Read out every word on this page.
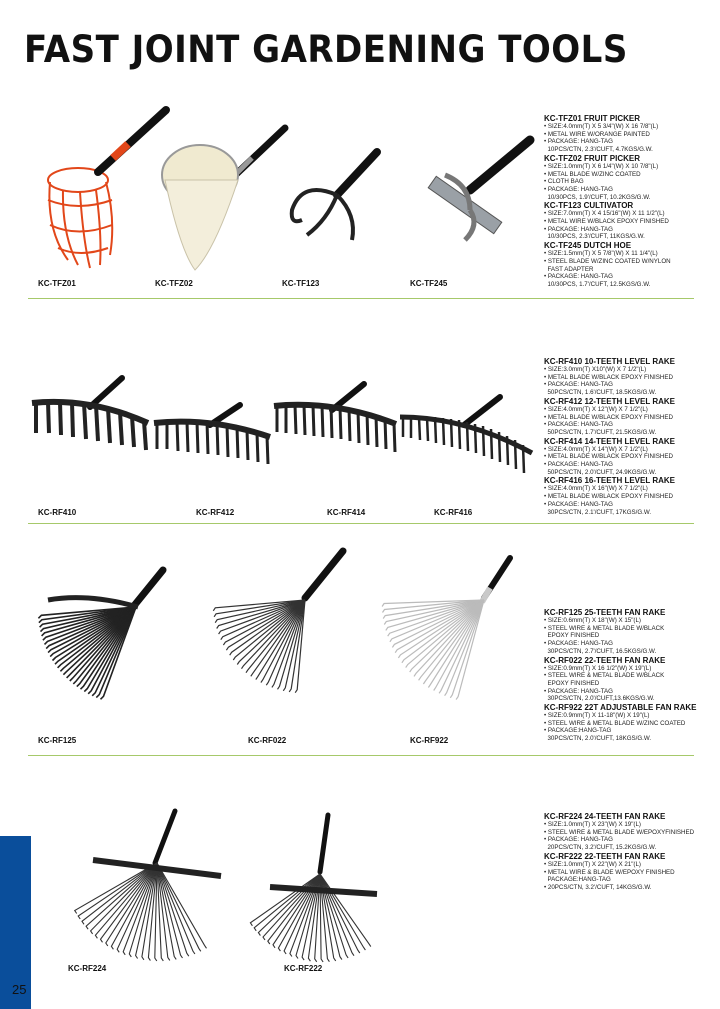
FAST JOINT GARDENING TOOLS
KC-TFZ01	KC-TFZ02	KC-TF123	KC-TF245
KC-TFZ01 FRUIT PICKER
• SIZE:4.0mm(T) X 5 3/4"(W) X 16 7/8"(L)
• METAL WIRE W/ORANGE PAINTED
• PACKAGE: HANG-TAG
10PCS/CTN, 2.3'/CUFT, 4.7KGS/G.W.
KC-TFZ02 FRUIT PICKER
• SIZE:1.0mm(T) X 6 1/4"(W) X 10 7/8"(L)
• METAL BLADE W/ZINC COATED
• CLOTH BAG
• PACKAGE: HANG-TAG
10/30PCS, 1.9'/CUFT, 10.2KGS/G.W.
KC-TF123 CULTIVATOR
• SIZE:7.0mm(T) X 4 15/16"(W) X 11 1/2"(L)
• METAL WIRE W/BLACK EPOXY FINISHED
• PACKAGE: HANG-TAG
10/30PCS, 2.3'/CUFT, 11KGS/G.W.
KC-TF245 DUTCH HOE
• SIZE:1.5mm(T) X 5 7/8"(W) X 11 1/4"(L)
• STEEL BLADE W/ZINC COATED W/NYLON
FAST ADAPTER
• PACKAGE: HANG-TAG
10/30PCS, 1.7'/CUFT, 12.5KGS/G.W.
KC-RF410	KC-RF412	KC-RF414	KC-RF416
KC-RF410 10-TEETH LEVEL RAKE
• SIZE:3.0mm(T) X10"(W) X 7 1/2"(L)
• METAL BLADE W/BLACK EPOXY FINISHED
• PACKAGE: HANG-TAG
50PCS/CTN, 1.6'/CUFT, 18.5KGS/G.W.
KC-RF412 12-TEETH LEVEL RAKE
• SIZE:4.0mm(T) X 12"(W) X 7 1/2"(L)
• METAL BLADE W/BLACK EPOXY FINISHED
• PACKAGE: HANG-TAG
50PCS/CTN, 1.7'/CUFT, 21.5KGS/G.W.
KC-RF414 14-TEETH LEVEL RAKE
• SIZE:4.0mm(T) X 14"(W) X 7 1/2"(L)
• METAL BLADE W/BLACK EPOXY FINISHED
• PACKAGE: HANG-TAG
50PCS/CTN, 2.0'/CUFT, 24.9KGS/G.W.
KC-RF416 16-TEETH LEVEL RAKE
• SIZE:4.0mm(T) X 16"(W) X 7 1/2"(L)
• METAL BLADE W/BLACK EPOXY FINISHED
• PACKAGE: HANG-TAG
30PCS/CTN, 2.1'/CUFT, 17KGS/G.W.
KC-RF125	KC-RF022	KC-RF922
KC-RF125 25-TEETH FAN RAKE
• SIZE:0.6mm(T) X 18"(W) X 15"(L)
• STEEL WIRE & METAL BLADE W/BLACK
EPOXY FINISHED
• PACKAGE: HANG-TAG
30PCS/CTN, 2.7'/CUFT, 16.5KGS/G.W.
KC-RF022 22-TEETH FAN RAKE
• SIZE:0.9mm(T) X 16 1/2"(W) X 19"(L)
• STEEL WIRE & METAL BLADE W/BLACK
EPOXY FINISHED
• PACKAGE: HANG-TAG
30PCS/CTN, 2.0'/CUFT,13.6KGS/G.W.
KC-RF922 22T ADJUSTABLE FAN RAKE
• SIZE:0.9mm(T) X 11-18"(W) X 19"(L)
• STEEL WIRE & METAL BLADE W/ZINC COATED
• PACKAGE:HANG-TAG
30PCS/CTN, 2.0'/CUFT, 18KGS/G.W.
KC-RF224	KC-RF222
KC-RF224 24-TEETH FAN RAKE
• SIZE:1.0mm(T) X 23"(W) X 19"(L)
• STEEL WIRE & METAL BLADE W/EPOXYFINISHED
• PACKAGE: HANG-TAG
20PCS/CTN, 3.2'/CUFT, 15.2KGS/G.W.
KC-RF222 22-TEETH FAN RAKE
• SIZE:1.0mm(T) X 22"(W) X 21"(L)
• METAL WIRE & BLADE W/EPOXY FINISHED
PACKAGE:HANG-TAG
• 20PCS/CTN, 3.2'/CUFT, 14KGS/G.W.
25
